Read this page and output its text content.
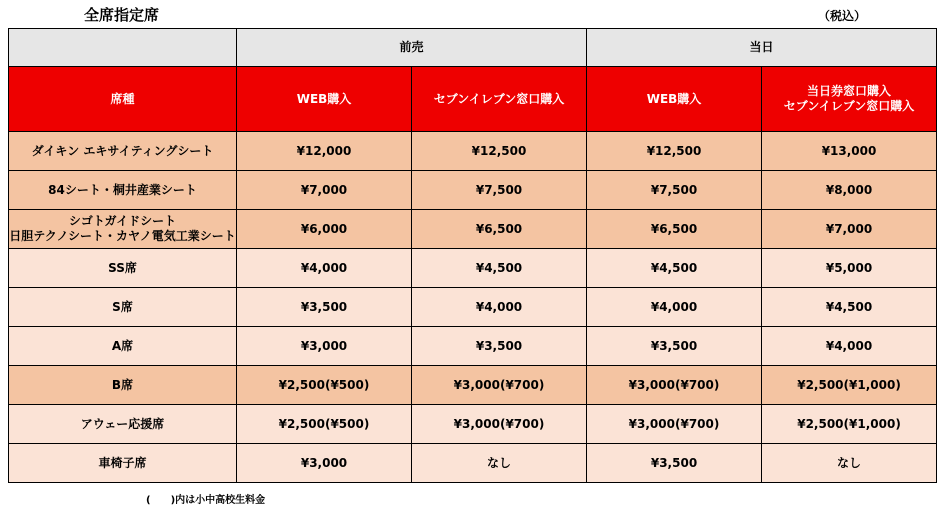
全席指定席	（税込）
	前売		当日	
席種	WEB購入	セブンイレブン窓口購入	WEB購入	当日券窓口購入
セブンイレブン窓口購入

ダイキン エキサイティングシート	¥12,000	¥12,500	¥12,500	¥13,000

84シート・桐井産業シート	¥7,000	¥7,500	¥7,500	¥8,000

シゴトガイドシート
日胆テクノシート・カヤノ電気工業シート	¥6,000	¥6,500	¥6,500	¥7,000

SS席	¥4,000	¥4,500	¥4,500	¥5,000

S席	¥3,500	¥4,000	¥4,000	¥4,500

A席	¥3,000	¥3,500	¥3,500	¥4,000

B席	¥2,500(¥500)	¥3,000(¥700)	¥3,000(¥700)	¥2,500(¥1,000)

アウェー応援席	¥2,500(¥500)	¥3,000(¥700)	¥3,000(¥700)	¥2,500(¥1,000)

車椅子席	¥3,000	なし	¥3,500	なし
(　　)内は小中高校生料金
